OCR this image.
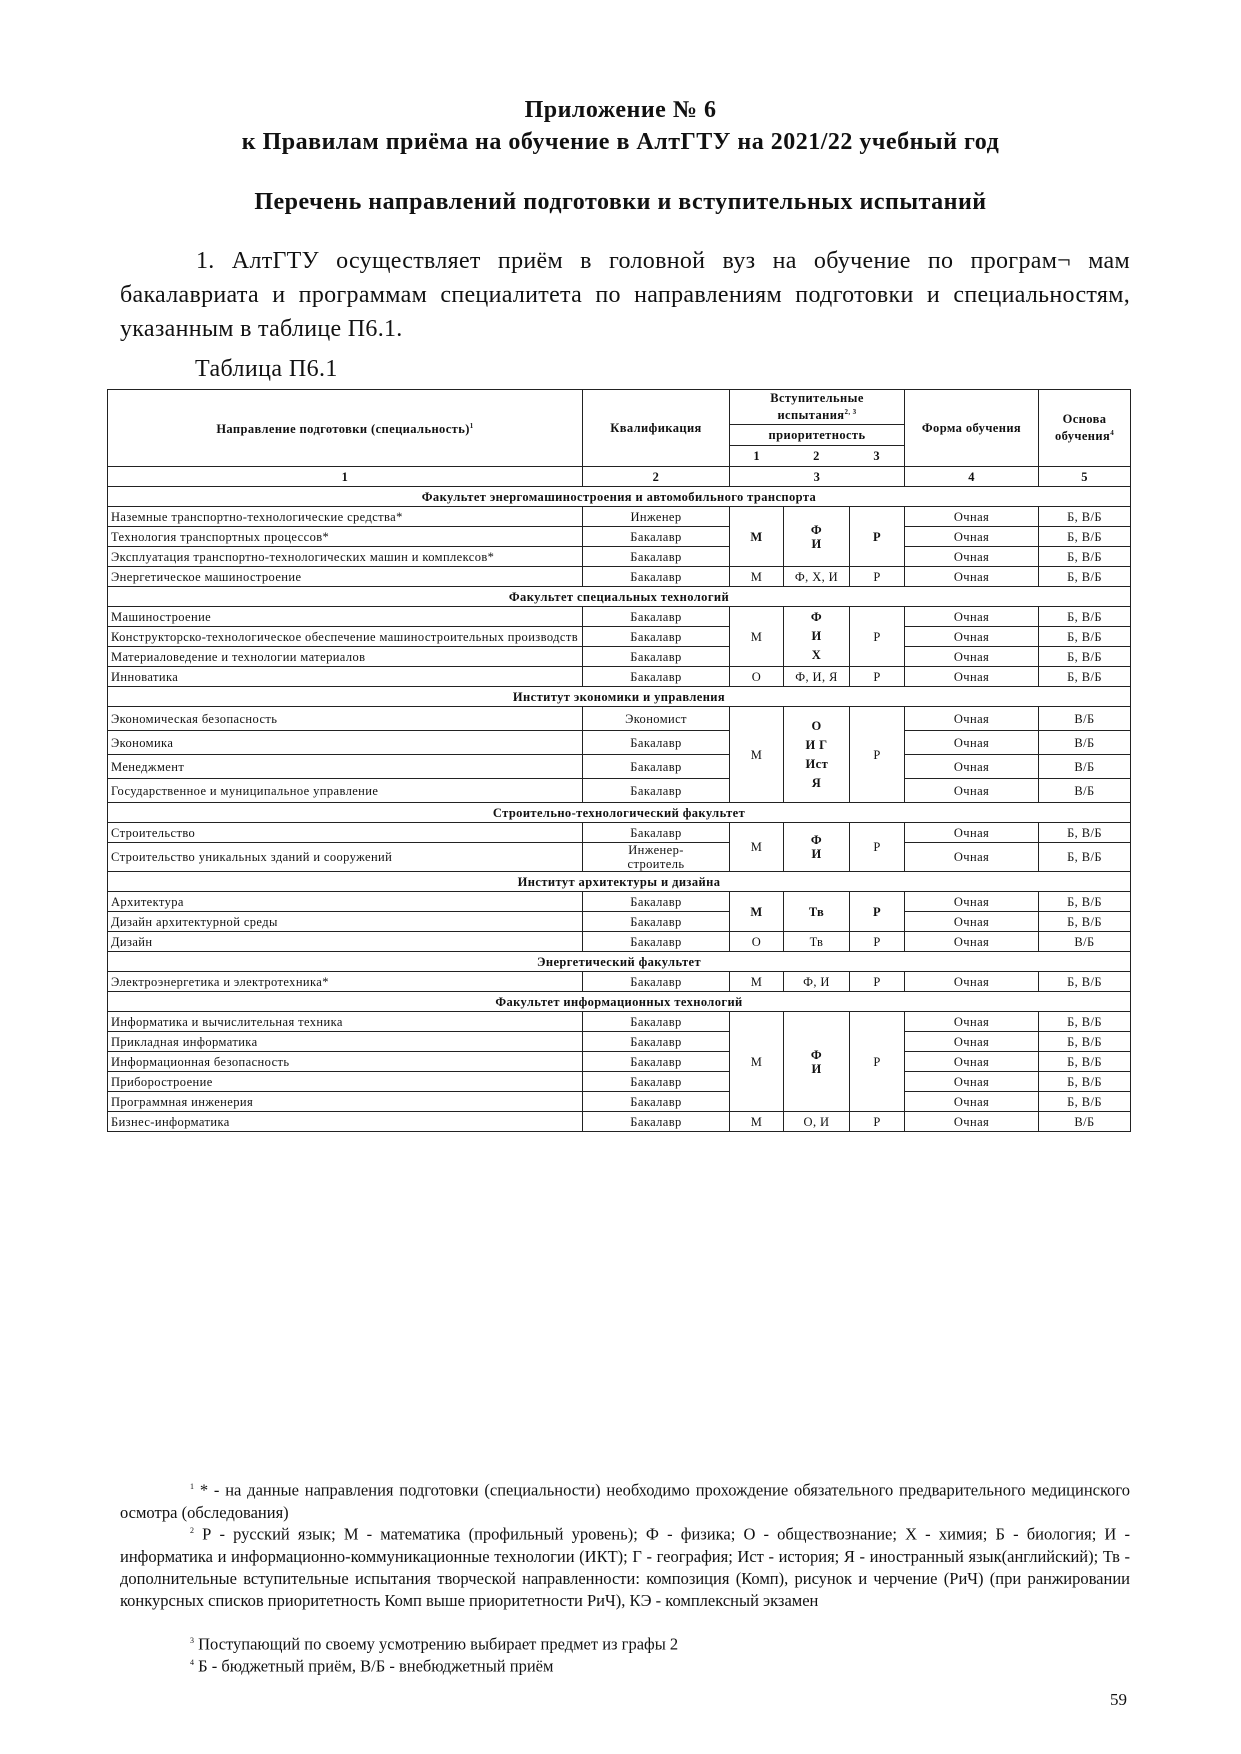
Приложение № 6
к Правилам приёма на обучение в АлтГТУ на 2021/22 учебный год
Перечень направлений подготовки и вступительных испытаний
1. АлтГТУ осуществляет приём в головной вуз на обучение по програм¬ мам бакалавриата и программам специалитета по направлениям подготовки и специальностям, указанным в таблице П6.1.
Таблица П6.1
Направление подготовки (специальность)$^1$	Квалификация	Вступительные испытания$^{2, 3}$			Форма обучения	Основа обучения$^4$
		приоритетность				
		1	2	3		
1	2	3			4	5
Факультет энергомашиностроения и автомобильного транспорта						
Наземные транспортно-технологические средства*	Инженер	М	Ф И	Р	Очная	Б, В/Б
Технология транспортных процессов*	Бакалавр				Очная	Б, В/Б
Эксплуатация транспортно-технологических машин и комплексов*	Бакалавр				Очная	Б, В/Б
Энергетическое машиностроение	Бакалавр	М	Ф, Х, И	Р	Очная	Б, В/Б
Факультет специальных технологий						
Машиностроение	Бакалавр	М	Ф И Х	Р	Очная	Б, В/Б
Конструкторско-технологическое обеспечение машиностроительных производств	Бакалавр				Очная	Б, В/Б
Материаловедение и технологии материалов	Бакалавр				Очная	Б, В/Б
Инноватика	Бакалавр	О	Ф, И, Я	Р	Очная	Б, В/Б
Институт экономики и управления						
Экономическая безопасность	Экономист	М	О И Г Ист Я	Р	Очная	В/Б
Экономика	Бакалавр				Очная	В/Б
Менеджмент	Бакалавр				Очная	В/Б
Государственное и муниципальное управление	Бакалавр				Очная	В/Б
Строительно-технологический факультет						
Строительство	Бакалавр	М	Ф И	Р	Очная	Б, В/Б
Строительство уникальных зданий и сооружений	Инженер-строитель				Очная	Б, В/Б
Институт архитектуры и дизайна						
Архитектура	Бакалавр	М	Тв	Р	Очная	Б, В/Б
Дизайн архитектурной среды	Бакалавр				Очная	Б, В/Б
Дизайн	Бакалавр	О	Тв	Р	Очная	В/Б
Энергетический факультет						
Электроэнергетика и электротехника*	Бакалавр	М	Ф, И	Р	Очная	Б, В/Б
Факультет информационных технологий						
Информатика и вычислительная техника	Бакалавр	М	Ф И	Р	Очная	Б, В/Б
Прикладная информатика	Бакалавр				Очная	Б, В/Б
Информационная безопасность	Бакалавр				Очная	Б, В/Б
Приборостроение	Бакалавр				Очная	Б, В/Б
Программная инженерия	Бакалавр				Очная	Б, В/Б
Бизнес-информатика	Бакалавр	М	О, И	Р	Очная	В/Б
$^1$ * - на данные направления подготовки (специальности) необходимо прохождение обязательного предварительного медицинского осмотра (обследования)
$^2$ Р - русский язык; М - математика (профильный уровень); Ф - физика; О - обществознание; Х - химия; Б - биология; И - информатика и информационно-коммуникационные технологии (ИКТ); Г - география; Ист - история; Я - иностранный язык(английский); Тв - дополнительные вступительные испытания творческой направленности: композиция (Комп), рисунок и черчение (РиЧ) (при ранжировании конкурсных списков приоритетность Комп выше приоритетности РиЧ), КЭ - комплексный экзамен
$^3$ Поступающий по своему усмотрению выбирает предмет из графы 2
$^4$ Б - бюджетный приём, В/Б - внебюджетный приём
59
